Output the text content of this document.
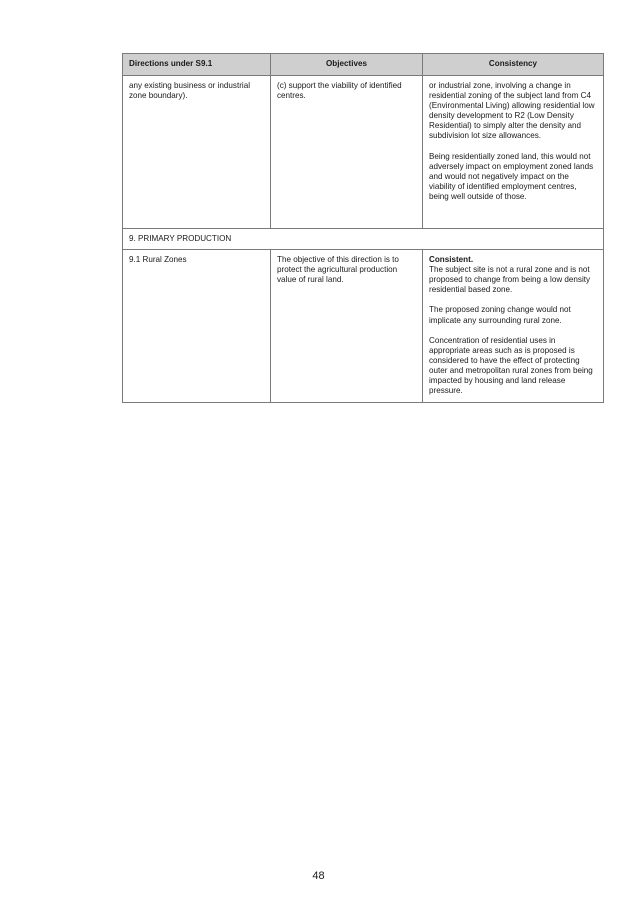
Directions under S9.1	Objectives	Consistency

any existing business or industrial zone boundary).	(c) support the viability of identified centres.	or industrial zone, involving a change in residential zoning of the subject land from C4 (Environmental Living) allowing residential low density development to R2 (Low Density Residential) to simply alter the density and subdivision lot size allowances.

Being residentially zoned land, this would not adversely impact on employment zoned lands and would not negatively impact on the viability of identified employment centres, being well outside of those.

9. PRIMARY PRODUCTION		

9.1 Rural Zones	The objective of this direction is to protect the agricultural production value of rural land.	Consistent.
The subject site is not a rural zone and is not proposed to change from being a low density residential based zone.

The proposed zoning change would not implicate any surrounding rural zone.

Concentration of residential uses in appropriate areas such as is proposed is considered to have the effect of protecting outer and metropolitan rural zones from being impacted by housing and land release pressure.

48
